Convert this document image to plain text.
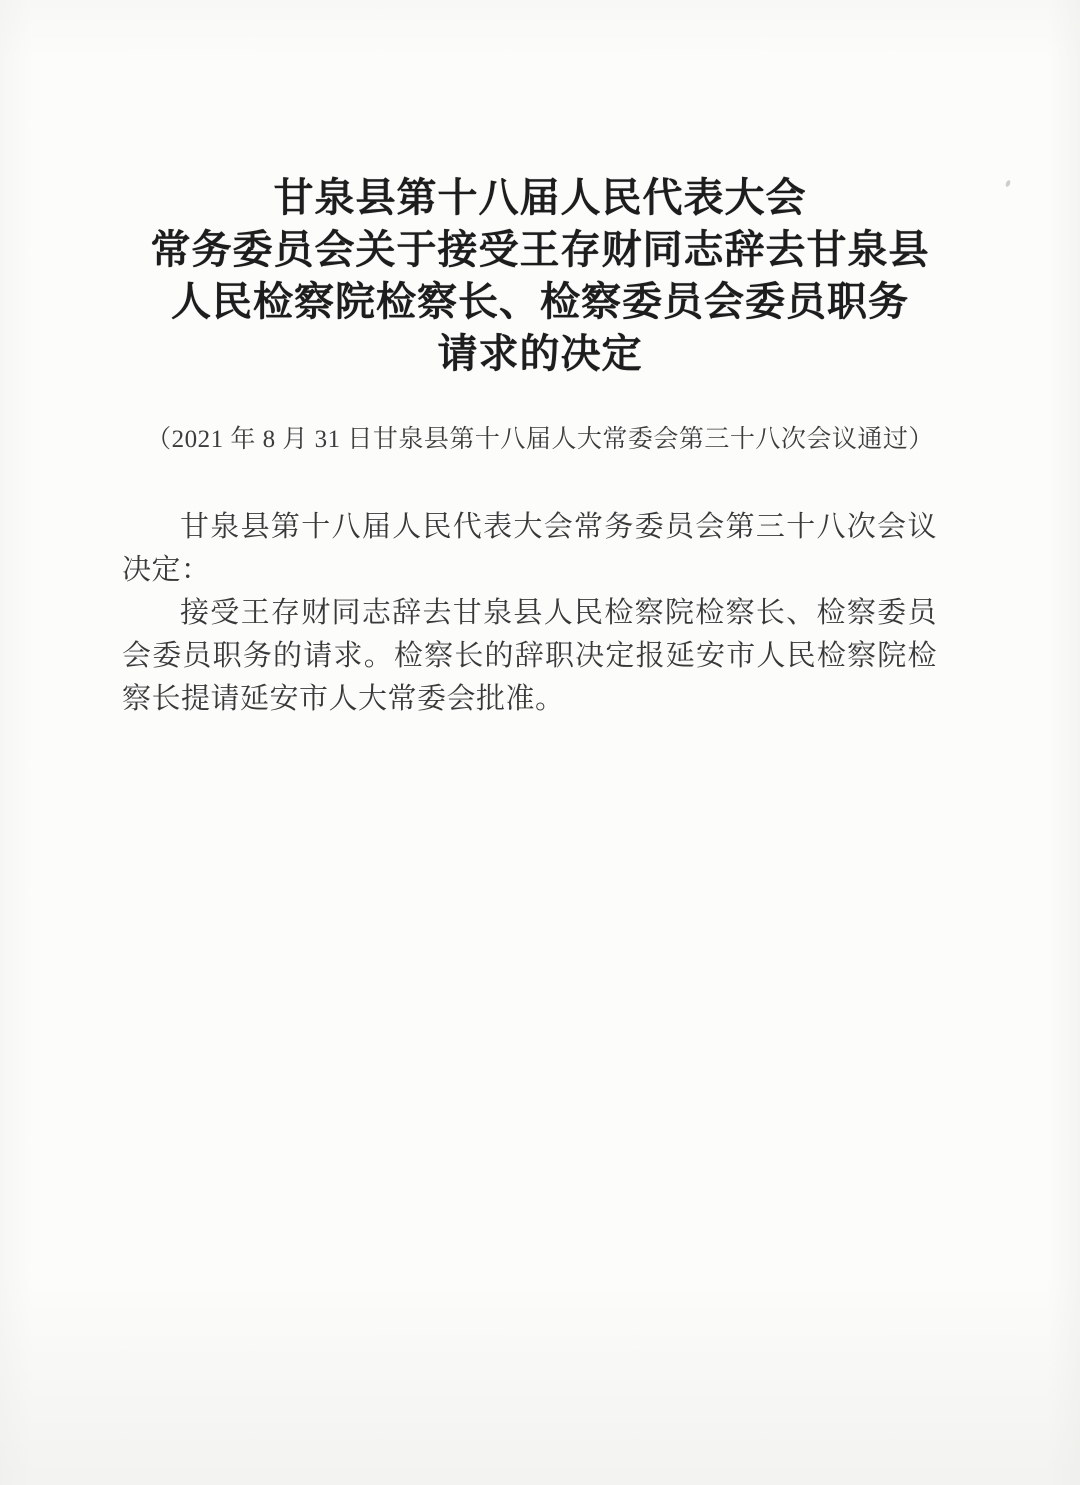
甘泉县第十八届人民代表大会
常务委员会关于接受王存财同志辞去甘泉县
人民检察院检察长、检察委员会委员职务
请求的决定
（2021 年 8 月 31 日甘泉县第十八届人大常委会第三十八次会议通过）

甘泉县第十八届人民代表大会常务委员会第三十八次会议决定：

接受王存财同志辞去甘泉县人民检察院检察长、检察委员会委员职务的请求。检察长的辞职决定报延安市人民检察院检察长提请延安市人大常委会批准。
